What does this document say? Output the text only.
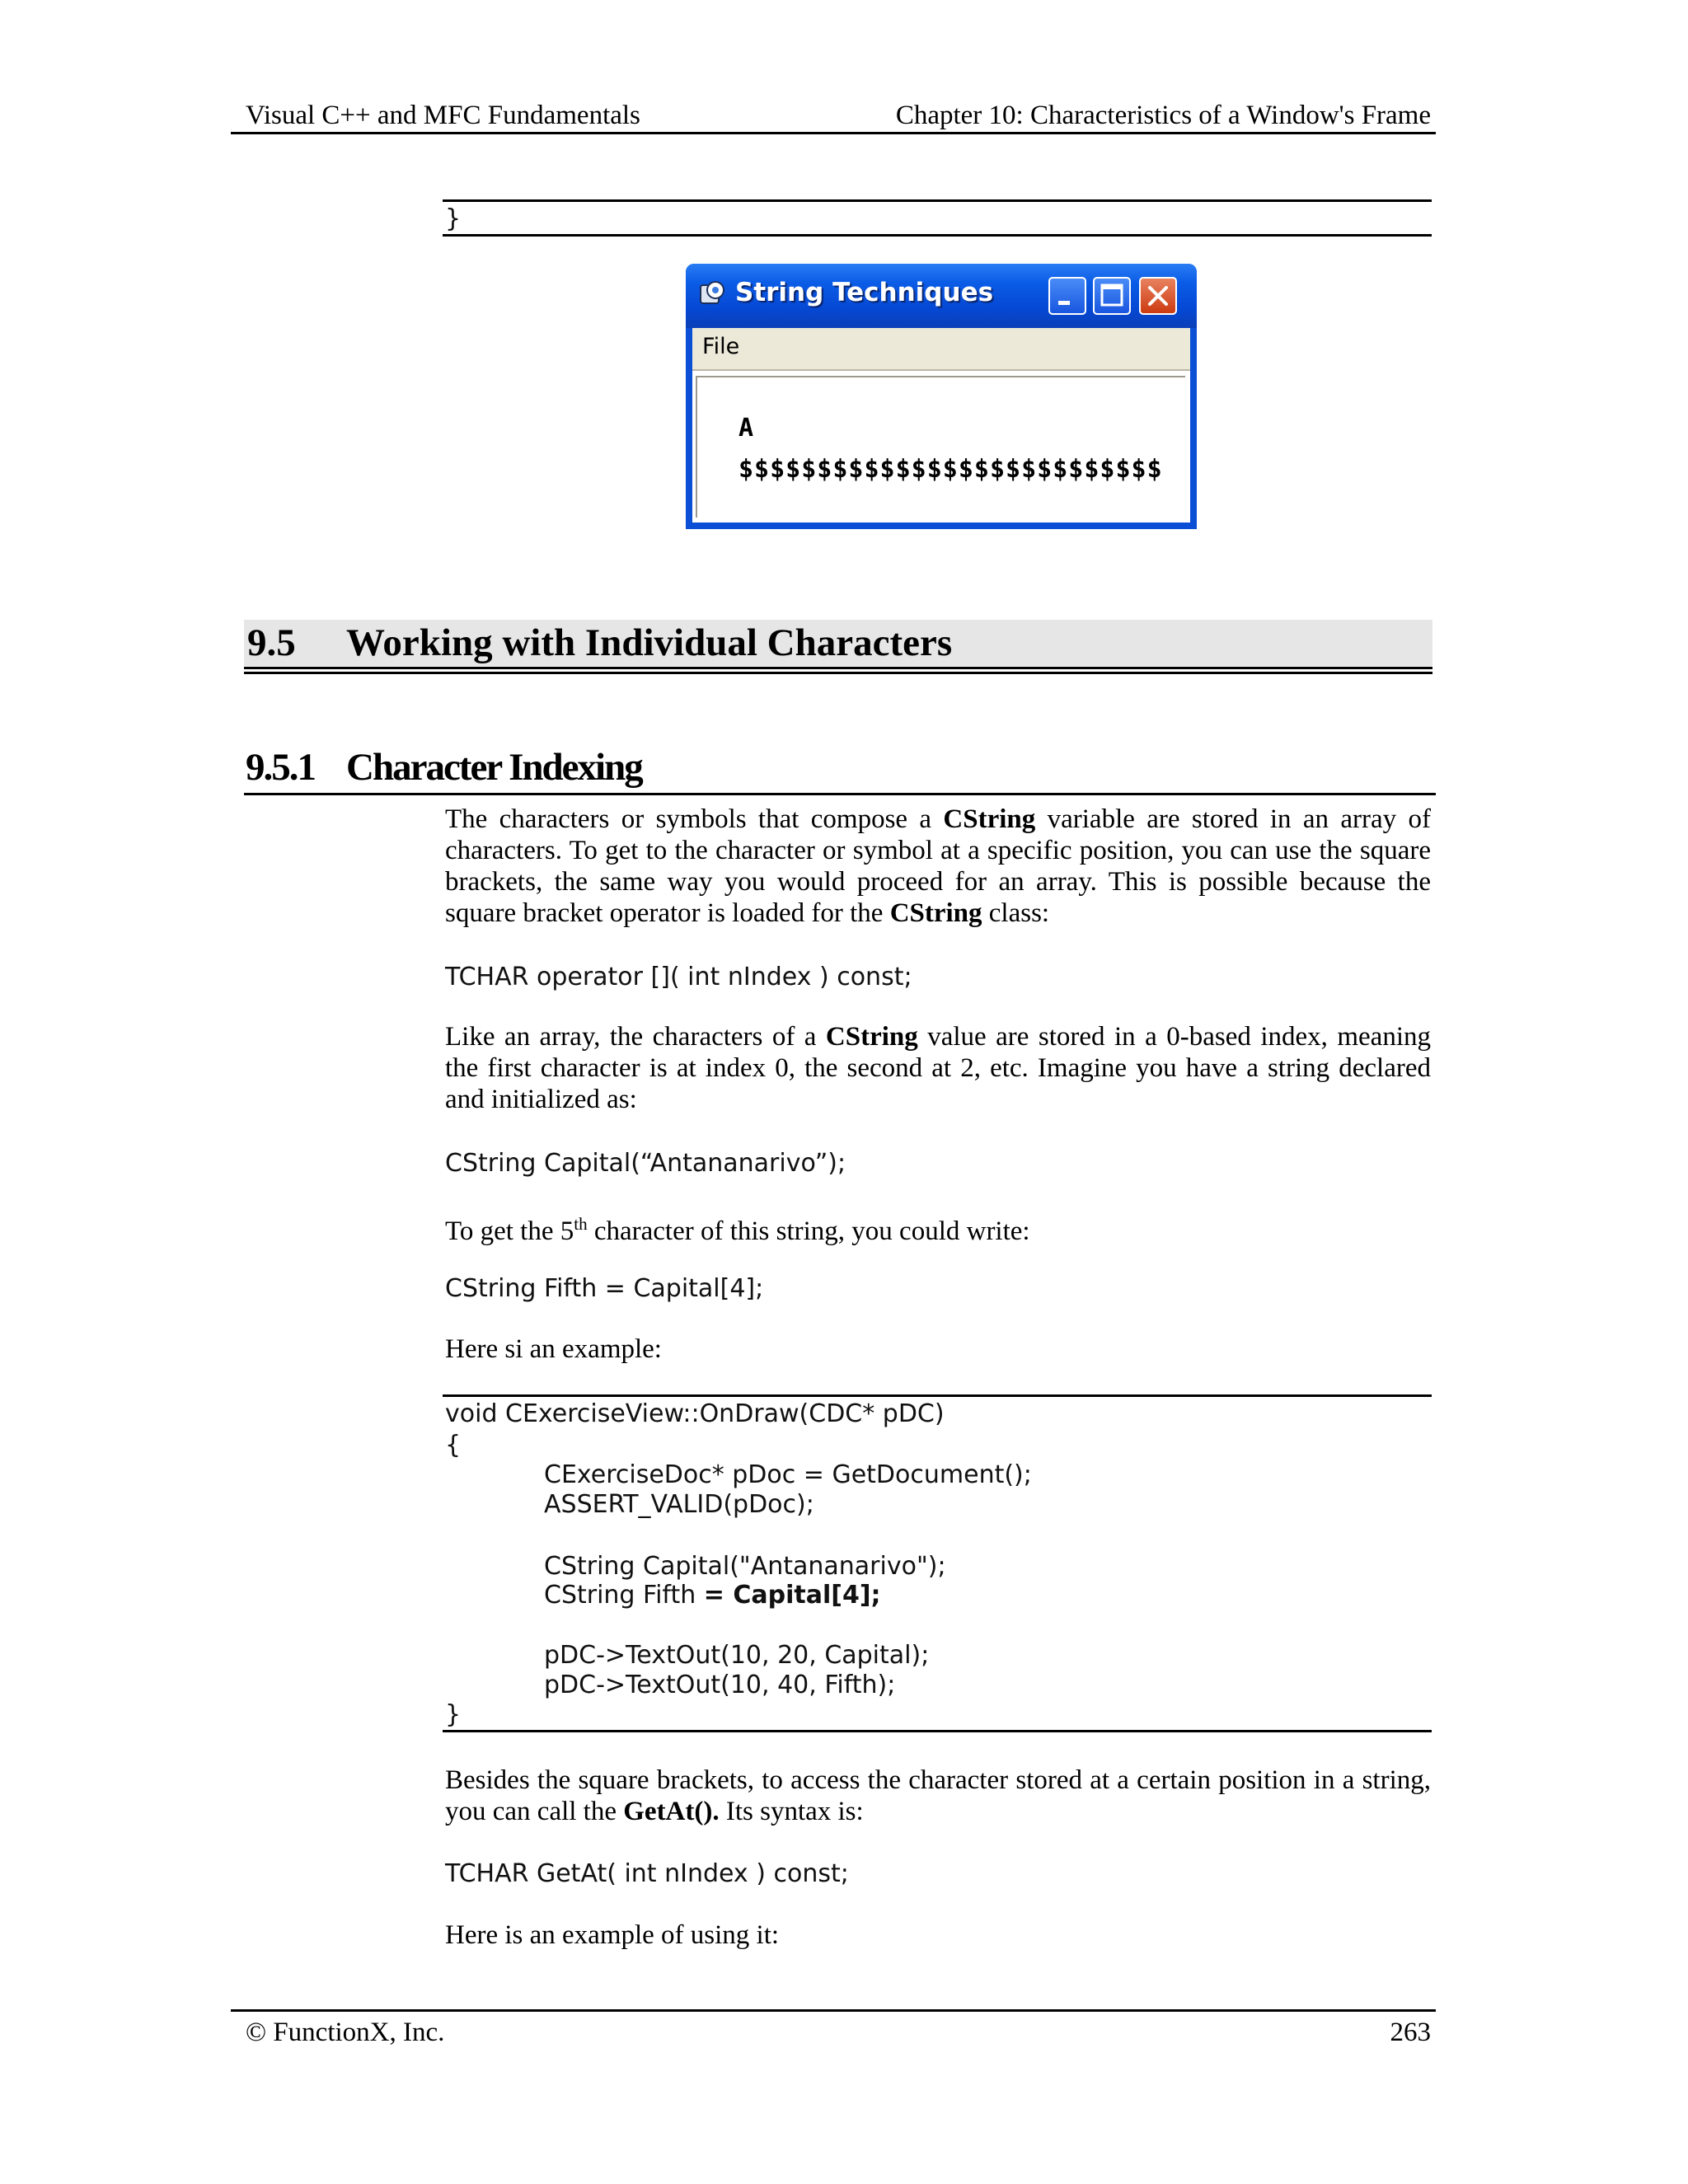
Visual C++ and MFC Fundamentals	Chapter 10: Characteristics of a Window's Frame
}
String Techniques
File
A
$$$$$$$$$$$$$$$$$$$$$$$$$$$
9.5 Working with Individual Characters
9.5.1 Character Indexing
The characters or symbols that compose a CString variable are stored in an array of characters. To get to the character or symbol at a specific position, you can use the square brackets, the same way you would proceed for an array. This is possible because the square bracket operator is loaded for the CString class:
TCHAR operator []( int nIndex ) const;
Like an array, the characters of a CString value are stored in a 0-based index, meaning the first character is at index 0, the second at 2, etc. Imagine you have a string declared and initialized as:
CString Capital(“Antananarivo”);
To get the 5th character of this string, you could write:
CString Fifth = Capital[4];
Here si an example:
void CExerciseView::OnDraw(CDC* pDC)
{
CExerciseDoc* pDoc = GetDocument();
ASSERT_VALID(pDoc);
CString Capital("Antananarivo");
CString Fifth = Capital[4];
pDC->TextOut(10, 20, Capital);
pDC->TextOut(10, 40, Fifth);
}
Besides the square brackets, to access the character stored at a certain position in a string, you can call the GetAt(). Its syntax is:
TCHAR GetAt( int nIndex ) const;
Here is an example of using it:
© FunctionX, Inc.	263
